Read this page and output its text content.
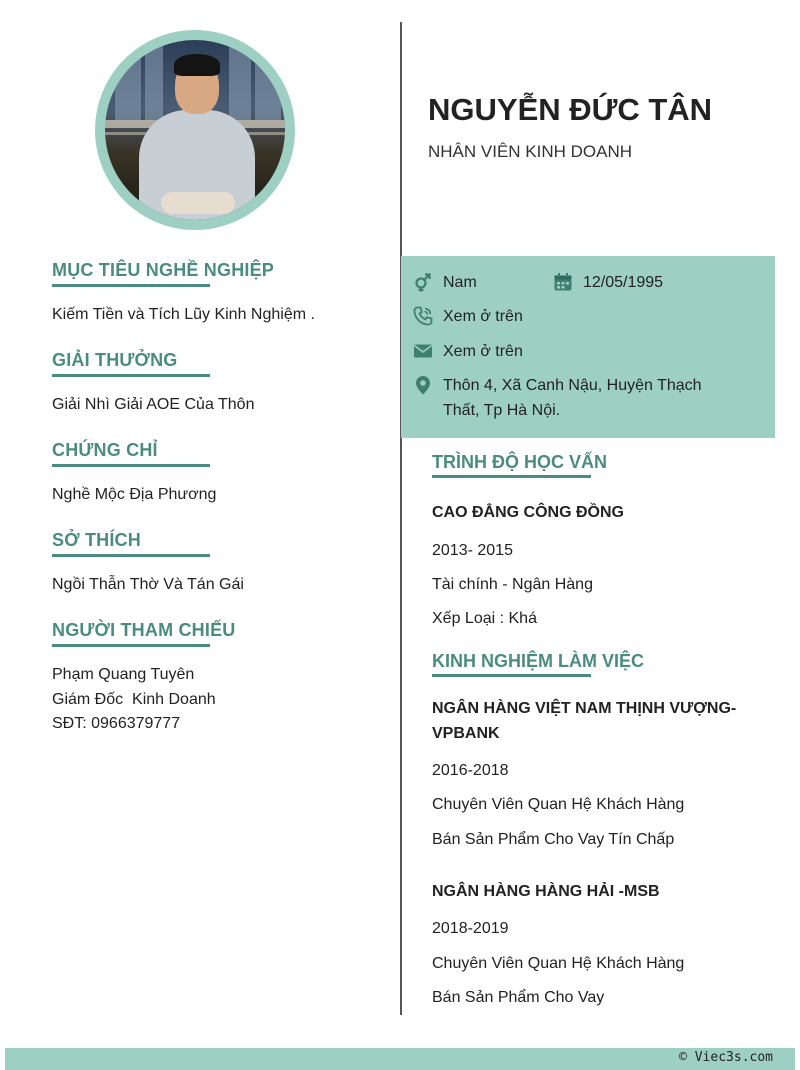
MỤC TIÊU NGHỀ NGHIỆP
Kiếm Tiền và Tích Lũy Kinh Nghiệm .
GIẢI THƯỞNG
Giải Nhì Giải AOE Của Thôn
CHỨNG CHỈ
Nghề Mộc Địa Phương
SỞ THÍCH
Ngồi Thẫn Thờ Và Tán Gái
NGƯỜI THAM CHIẾU
Phạm Quang Tuyên
Giám Đốc  Kinh Doanh
SĐT: 0966379777
NGUYỄN ĐỨC TÂN
NHÂN VIÊN KINH DOANH
Nam	12/05/1995
Xem ở trên
Xem ở trên
Thôn 4, Xã Canh Nậu, Huyện Thạch
Thất, Tp Hà Nội.
TRÌNH ĐỘ HỌC VẤN
CAO ĐẲNG CÔNG ĐỒNG
2013- 2015
Tài chính - Ngân Hàng
Xếp Loại : Khá
KINH NGHIỆM LÀM VIỆC
NGÂN HÀNG VIỆT NAM THỊNH VƯỢNG-
VPBANK
2016-2018
Chuyên Viên Quan Hệ Khách Hàng
Bán Sản Phẩm Cho Vay Tín Chấp
NGÂN HÀNG HÀNG HẢI -MSB
2018-2019
Chuyên Viên Quan Hệ Khách Hàng
Bán Sản Phẩm Cho Vay
© Viec3s.com
